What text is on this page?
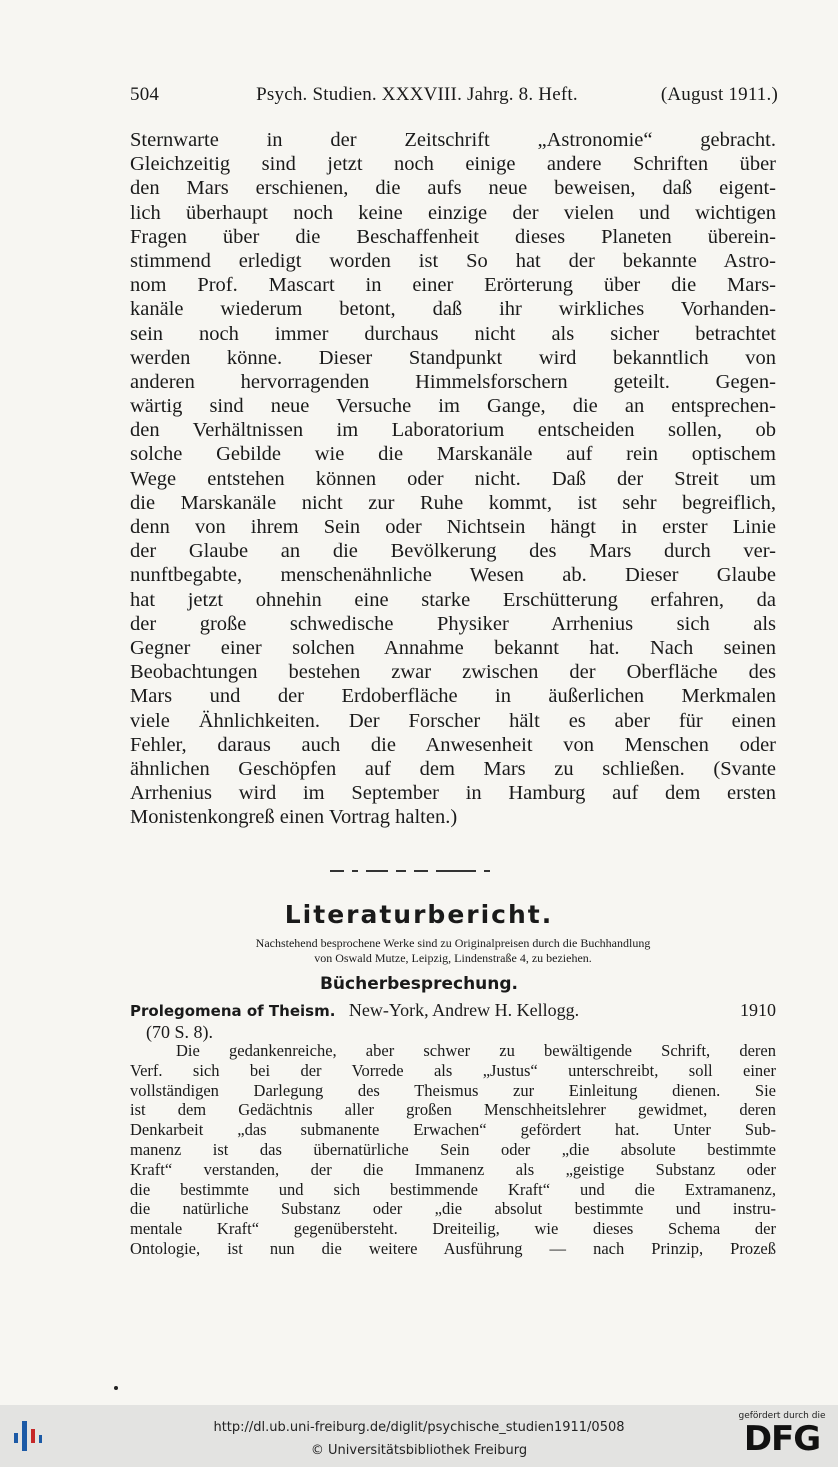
504	Psych. Studien. XXXVIII. Jahrg. 8. Heft.	(August 1911.)
Sternwarte in der Zeitschrift „Astronomie“ gebracht.
Gleichzeitig sind jetzt noch einige andere Schriften über
den Mars erschienen, die aufs neue beweisen, daß eigent-
lich überhaupt noch keine einzige der vielen und wichtigen
Fragen über die Beschaffenheit dieses Planeten überein-
stimmend erledigt worden ist So hat der bekannte Astro-
nom Prof. Mascart in einer Erörterung über die Mars-
kanäle wiederum betont, daß ihr wirkliches Vorhanden-
sein noch immer durchaus nicht als sicher betrachtet
werden könne. Dieser Standpunkt wird bekanntlich von
anderen hervorragenden Himmelsforschern geteilt. Gegen-
wärtig sind neue Versuche im Gange, die an entsprechen-
den Verhältnissen im Laboratorium entscheiden sollen, ob
solche Gebilde wie die Marskanäle auf rein optischem
Wege entstehen können oder nicht. Daß der Streit um
die Marskanäle nicht zur Ruhe kommt, ist sehr begreiflich,
denn von ihrem Sein oder Nichtsein hängt in erster Linie
der Glaube an die Bevölkerung des Mars durch ver-
nunftbegabte, menschenähnliche Wesen ab. Dieser Glaube
hat jetzt ohnehin eine starke Erschütterung erfahren, da
der große schwedische Physiker Arrhenius sich als
Gegner einer solchen Annahme bekannt hat. Nach seinen
Beobachtungen bestehen zwar zwischen der Oberfläche des
Mars und der Erdoberfläche in äußerlichen Merkmalen
viele Ähnlichkeiten. Der Forscher hält es aber für einen
Fehler, daraus auch die Anwesenheit von Menschen oder
ähnlichen Geschöpfen auf dem Mars zu schließen. (Svante
Arrhenius wird im September in Hamburg auf dem ersten
Monistenkongreß einen Vortrag halten.)
Literaturbericht.
Nachstehend besprochene Werke sind zu Originalpreisen durch die Buchhandlung
von Oswald Mutze, Leipzig, Lindenstraße 4, zu beziehen.
Bücherbesprechung.
Prolegomena of Theism. New-York, Andrew H. Kellogg.	1910
(70 S. 8).
Die gedankenreiche, aber schwer zu bewältigende Schrift, deren
Verf. sich bei der Vorrede als „Justus“ unterschreibt, soll einer
vollständigen Darlegung des Theismus zur Einleitung dienen. Sie
ist dem Gedächtnis aller großen Menschheitslehrer gewidmet, deren
Denkarbeit „das submanente Erwachen“ gefördert hat. Unter Sub-
manenz ist das übernatürliche Sein oder „die absolute bestimmte
Kraft“ verstanden, der die Immanenz als „geistige Substanz oder
die bestimmte und sich bestimmende Kraft“ und die Extramanenz,
die natürliche Substanz oder „die absolut bestimmte und instru-
mentale Kraft“ gegenübersteht. Dreiteilig, wie dieses Schema der
Ontologie, ist nun die weitere Ausführung — nach Prinzip, Prozeß
http://dl.ub.uni-freiburg.de/diglit/psychische_studien1911/0508
© Universitätsbibliothek Freiburg
gefördert durch die
DFG
